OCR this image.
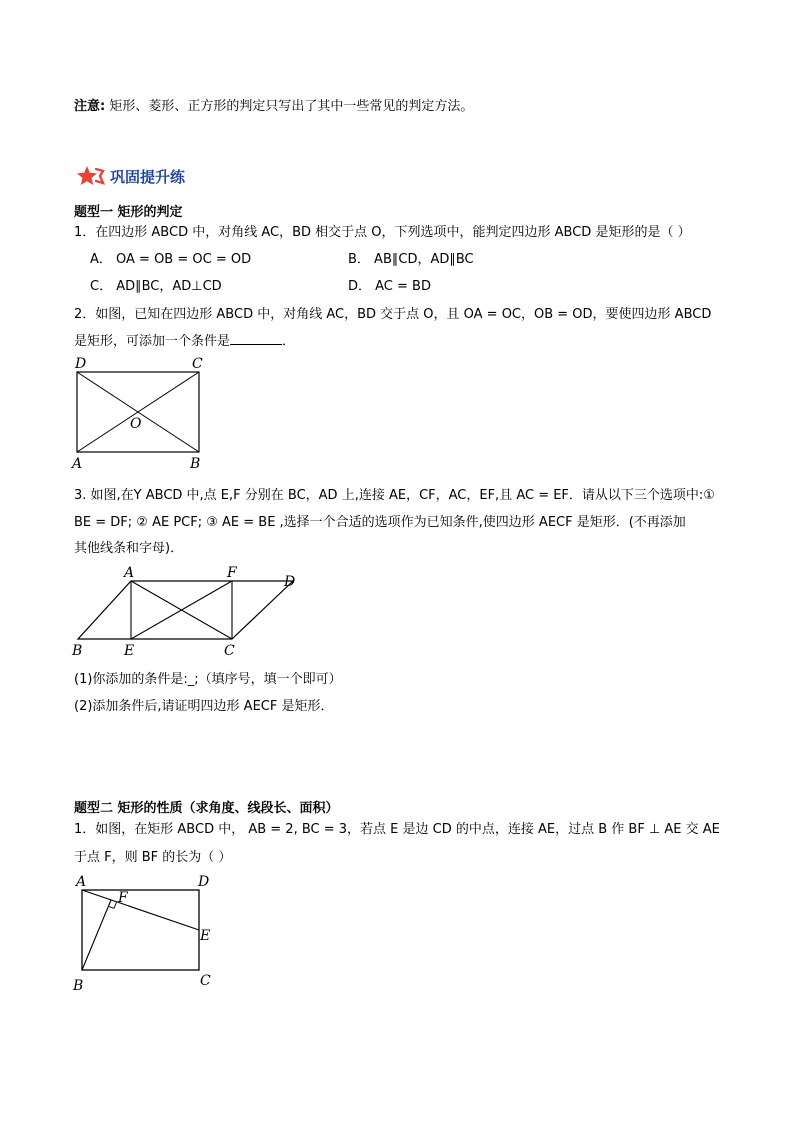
注意: 矩形、菱形、正方形的判定只写出了其中一些常见的判定方法。
巩固提升练
题型一 矩形的判定
1．在四边形 ABCD 中，对角线 AC，BD 相交于点 O，下列选项中，能判定四边形 ABCD 是矩形的是（ ）
A． OA = OB = OC = OD	B． AB∥CD，AD∥BC
C． AD∥BC，AD⊥CD	D． AC = BD
2．如图，已知在四边形 ABCD 中，对角线 AC，BD 交于点 O，且 OA = OC，OB = OD，要使四边形 ABCD
是矩形，可添加一个条件是	．
D	C
O
A	B
3. 如图,在Y ABCD 中,点 E,F 分别在 BC，AD 上,连接 AE，CF，AC，EF,且 AC = EF．请从以下三个选项中:①
BE = DF; ② AE PCF; ③ AE = BE ,选择一个合适的选项作为已知条件,使四边形 AECF 是矩形．(不再添加
其他线条和字母)．
A	F
D
B	E	C
(1)你添加的条件是:_;（填序号，填一个即可）
(2)添加条件后,请证明四边形 AECF 是矩形．
题型二 矩形的性质（求角度、线段长、面积）
1．如图，在矩形 ABCD 中， AB = 2, BC = 3，若点 E 是边 CD 的中点，连接 AE，过点 B 作 BF ⊥ AE 交 AE
于点 F，则 BF 的长为（ ）
A	D
F
E
B	C
